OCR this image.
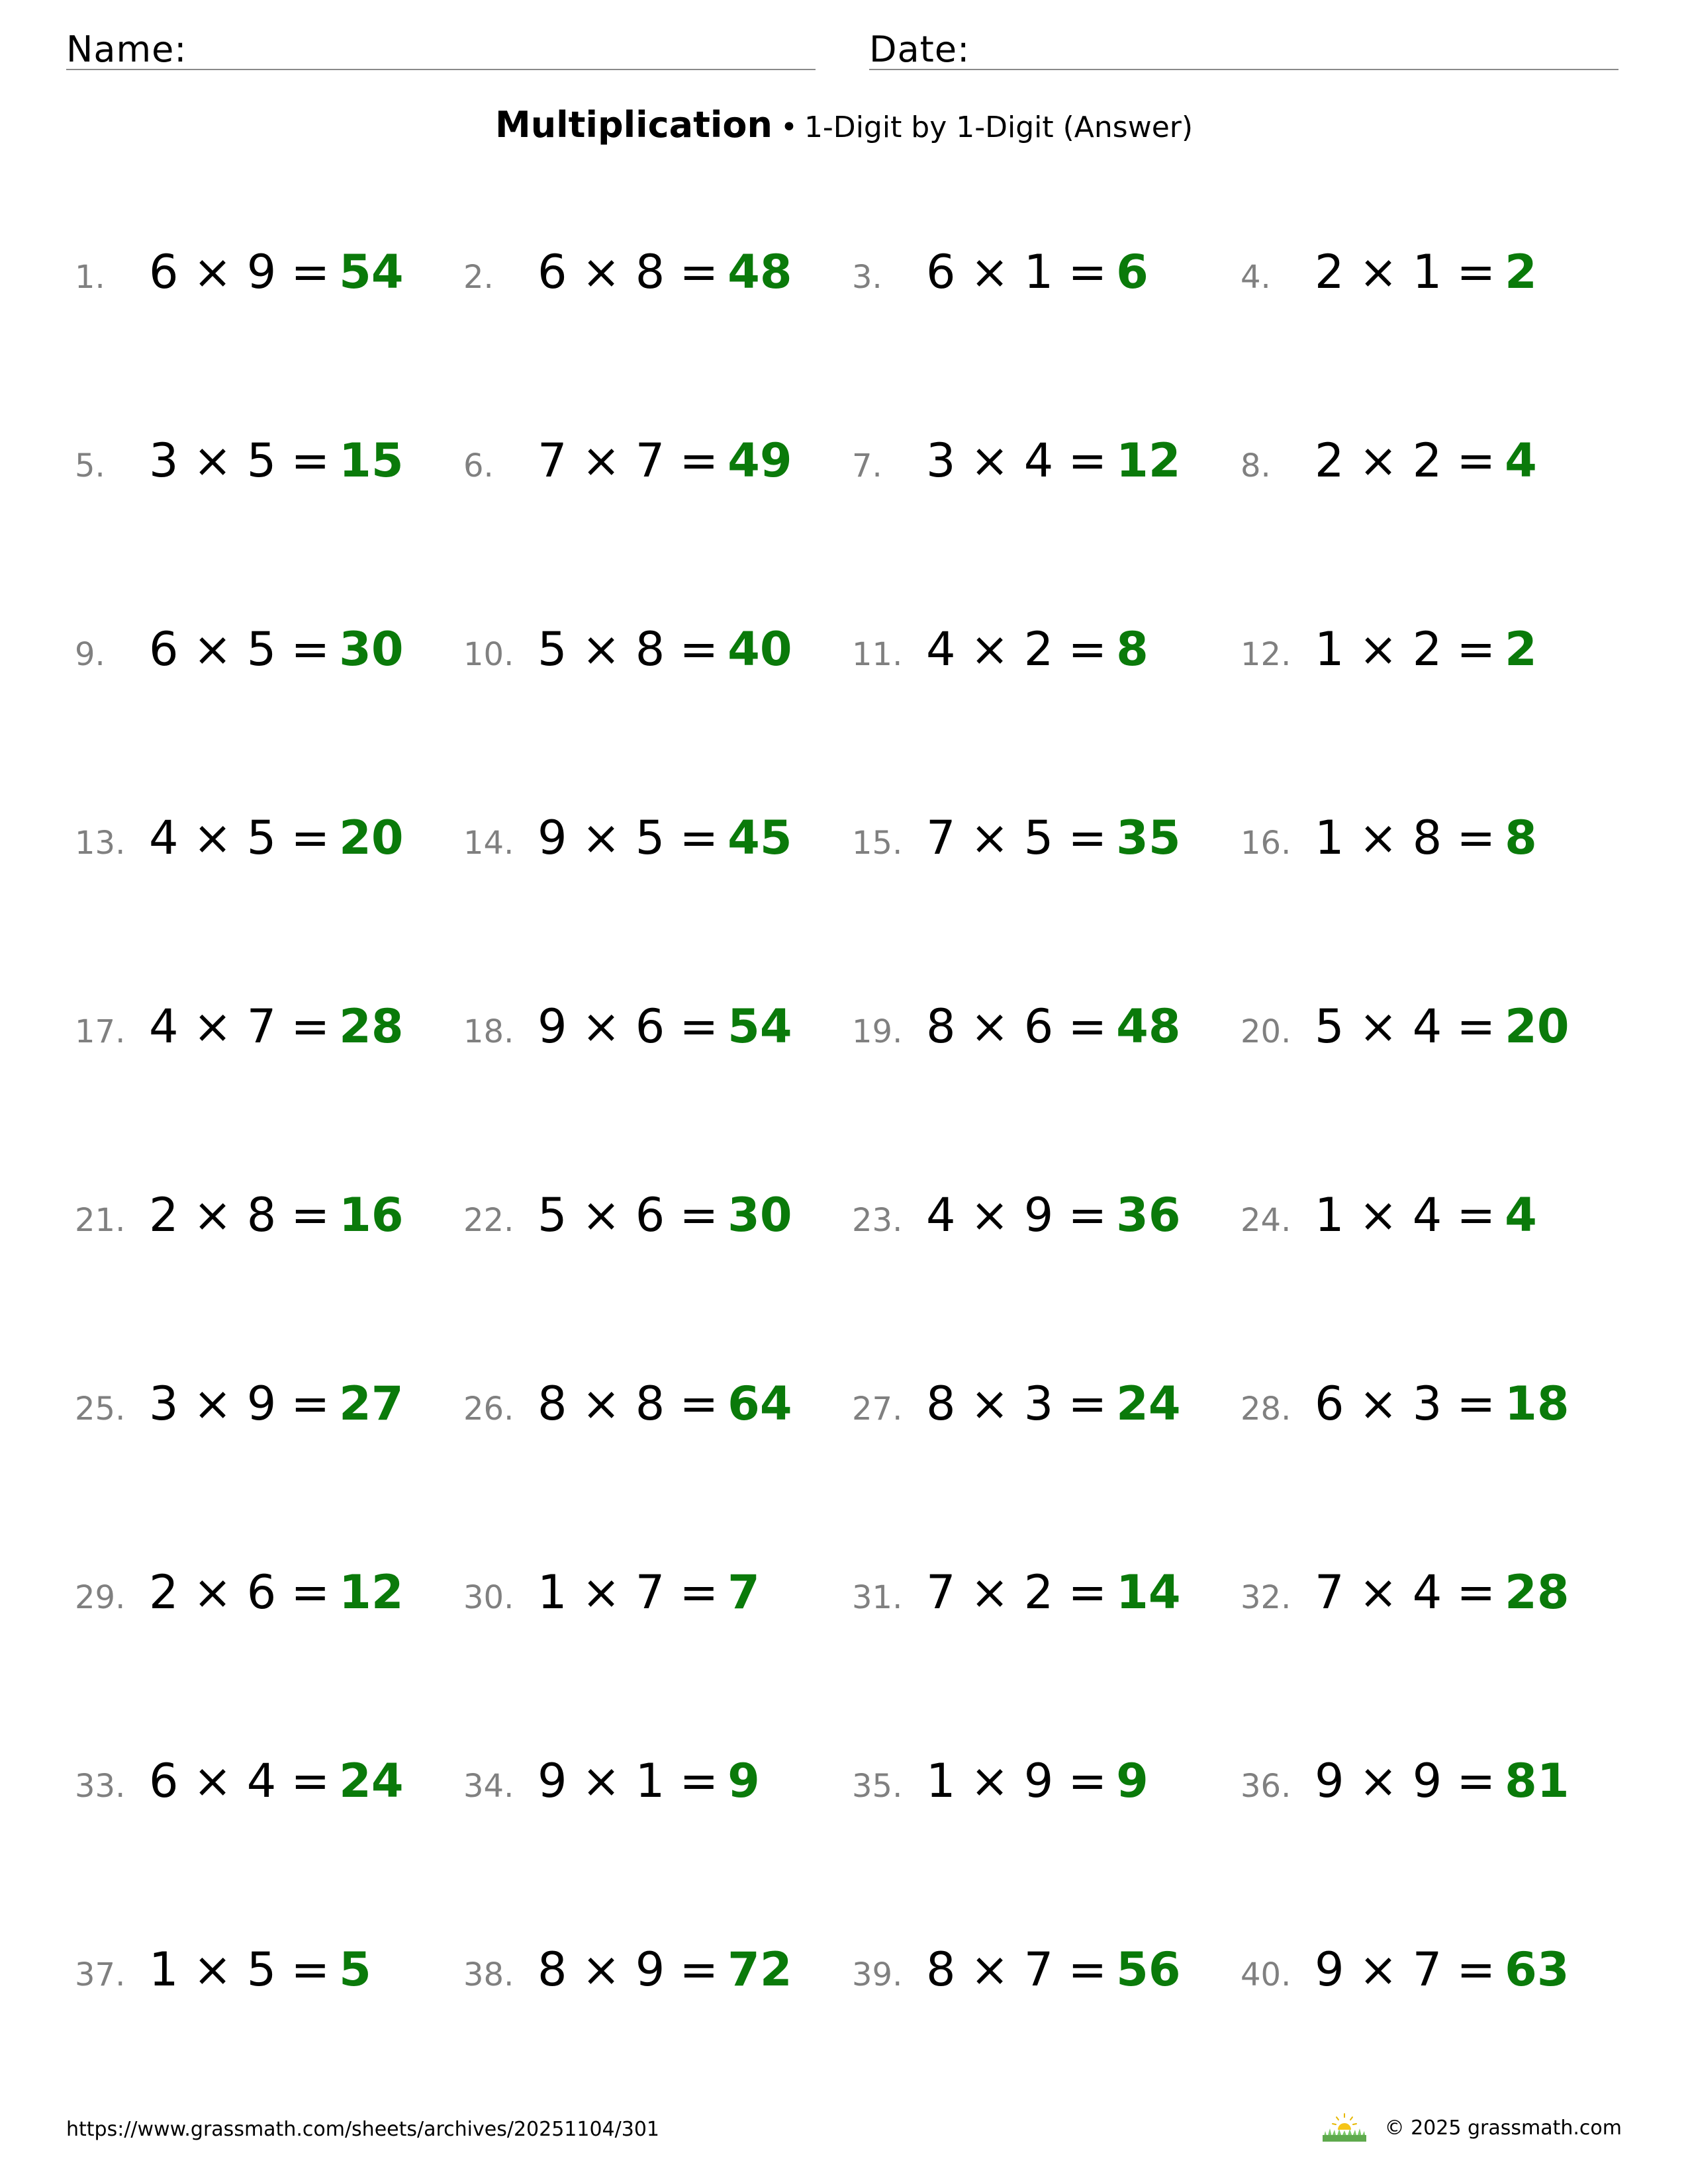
Name:	Date:
Multiplication • 1-Digit by 1-Digit (Answer)
1. 6 × 9 = 54 2. 6 × 8 = 48 3. 6 × 1 = 6	4. 2 × 1 = 2
5. 3 × 5 = 15 6. 7 × 7 = 49 7. 3 × 4 = 12 8. 2 × 2 = 4
9. 6 × 5 = 30 10. 5 × 8 = 40 11. 4 × 2 = 8	12. 1 × 2 = 2
13. 4 × 5 = 20 14. 9 × 5 = 45 15. 7 × 5 = 35 16. 1 × 8 = 8
17. 4 × 7 = 28 18. 9 × 6 = 54 19. 8 × 6 = 48 20. 5 × 4 = 20
21. 2 × 8 = 16 22. 5 × 6 = 30 23. 4 × 9 = 36 24. 1 × 4 = 4
25. 3 × 9 = 27 26. 8 × 8 = 64 27. 8 × 3 = 24 28. 6 × 3 = 18
29. 2 × 6 = 12 30. 1 × 7 = 7	31. 7 × 2 = 14 32. 7 × 4 = 28
33. 6 × 4 = 24 34. 9 × 1 = 9	35. 1 × 9 = 9	36. 9 × 9 = 81
37. 1 × 5 = 5	38. 8 × 9 = 72 39. 8 × 7 = 56 40. 9 × 7 = 63
https://www.grassmath.com/sheets/archives/20251104/301	© 2025 grassmath.com
